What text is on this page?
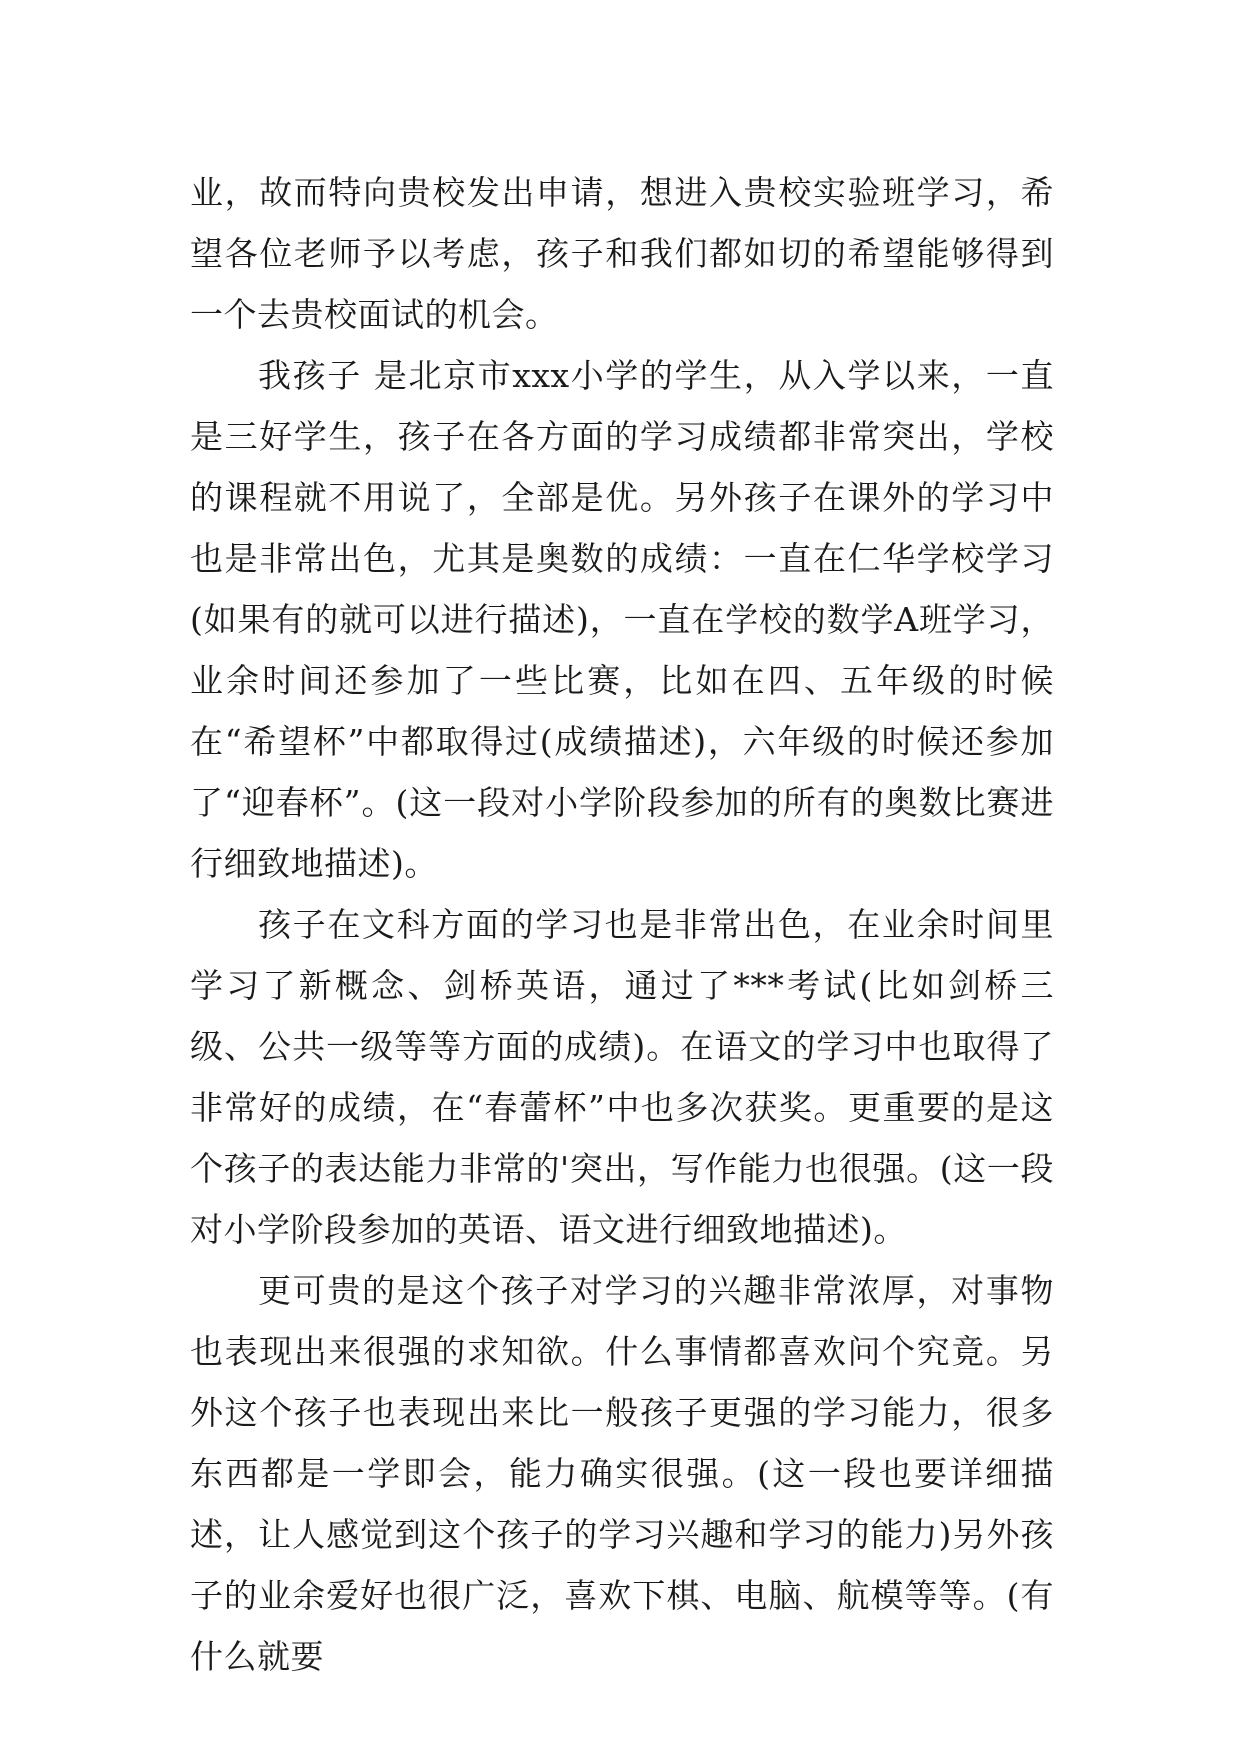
业，故而特向贵校发出申请，想进入贵校实验班学习，希望各位老师予以考虑，孩子和我们都如切的希望能够得到一个去贵校面试的机会。

我孩子 是北京市xxx小学的学生，从入学以来，一直是三好学生，孩子在各方面的学习成绩都非常突出，学校的课程就不用说了，全部是优。另外孩子在课外的学习中也是非常出色，尤其是奥数的成绩：一直在仁华学校学习(如果有的就可以进行描述)，一直在学校的数学A班学习，业余时间还参加了一些比赛，比如在四、五年级的时候在“希望杯”中都取得过(成绩描述)，六年级的时候还参加了“迎春杯”。(这一段对小学阶段参加的所有的奥数比赛进行细致地描述)。

孩子在文科方面的学习也是非常出色，在业余时间里学习了新概念、剑桥英语，通过了***考试(比如剑桥三级、公共一级等等方面的成绩)。在语文的学习中也取得了非常好的成绩，在“春蕾杯”中也多次获奖。更重要的是这个孩子的表达能力非常的'突出，写作能力也很强。(这一段对小学阶段参加的英语、语文进行细致地描述)。

更可贵的是这个孩子对学习的兴趣非常浓厚，对事物也表现出来很强的求知欲。什么事情都喜欢问个究竟。另外这个孩子也表现出来比一般孩子更强的学习能力，很多东西都是一学即会，能力确实很强。(这一段也要详细描述，让人感觉到这个孩子的学习兴趣和学习的能力)另外孩子的业余爱好也很广泛，喜欢下棋、电脑、航模等等。(有什么就要
